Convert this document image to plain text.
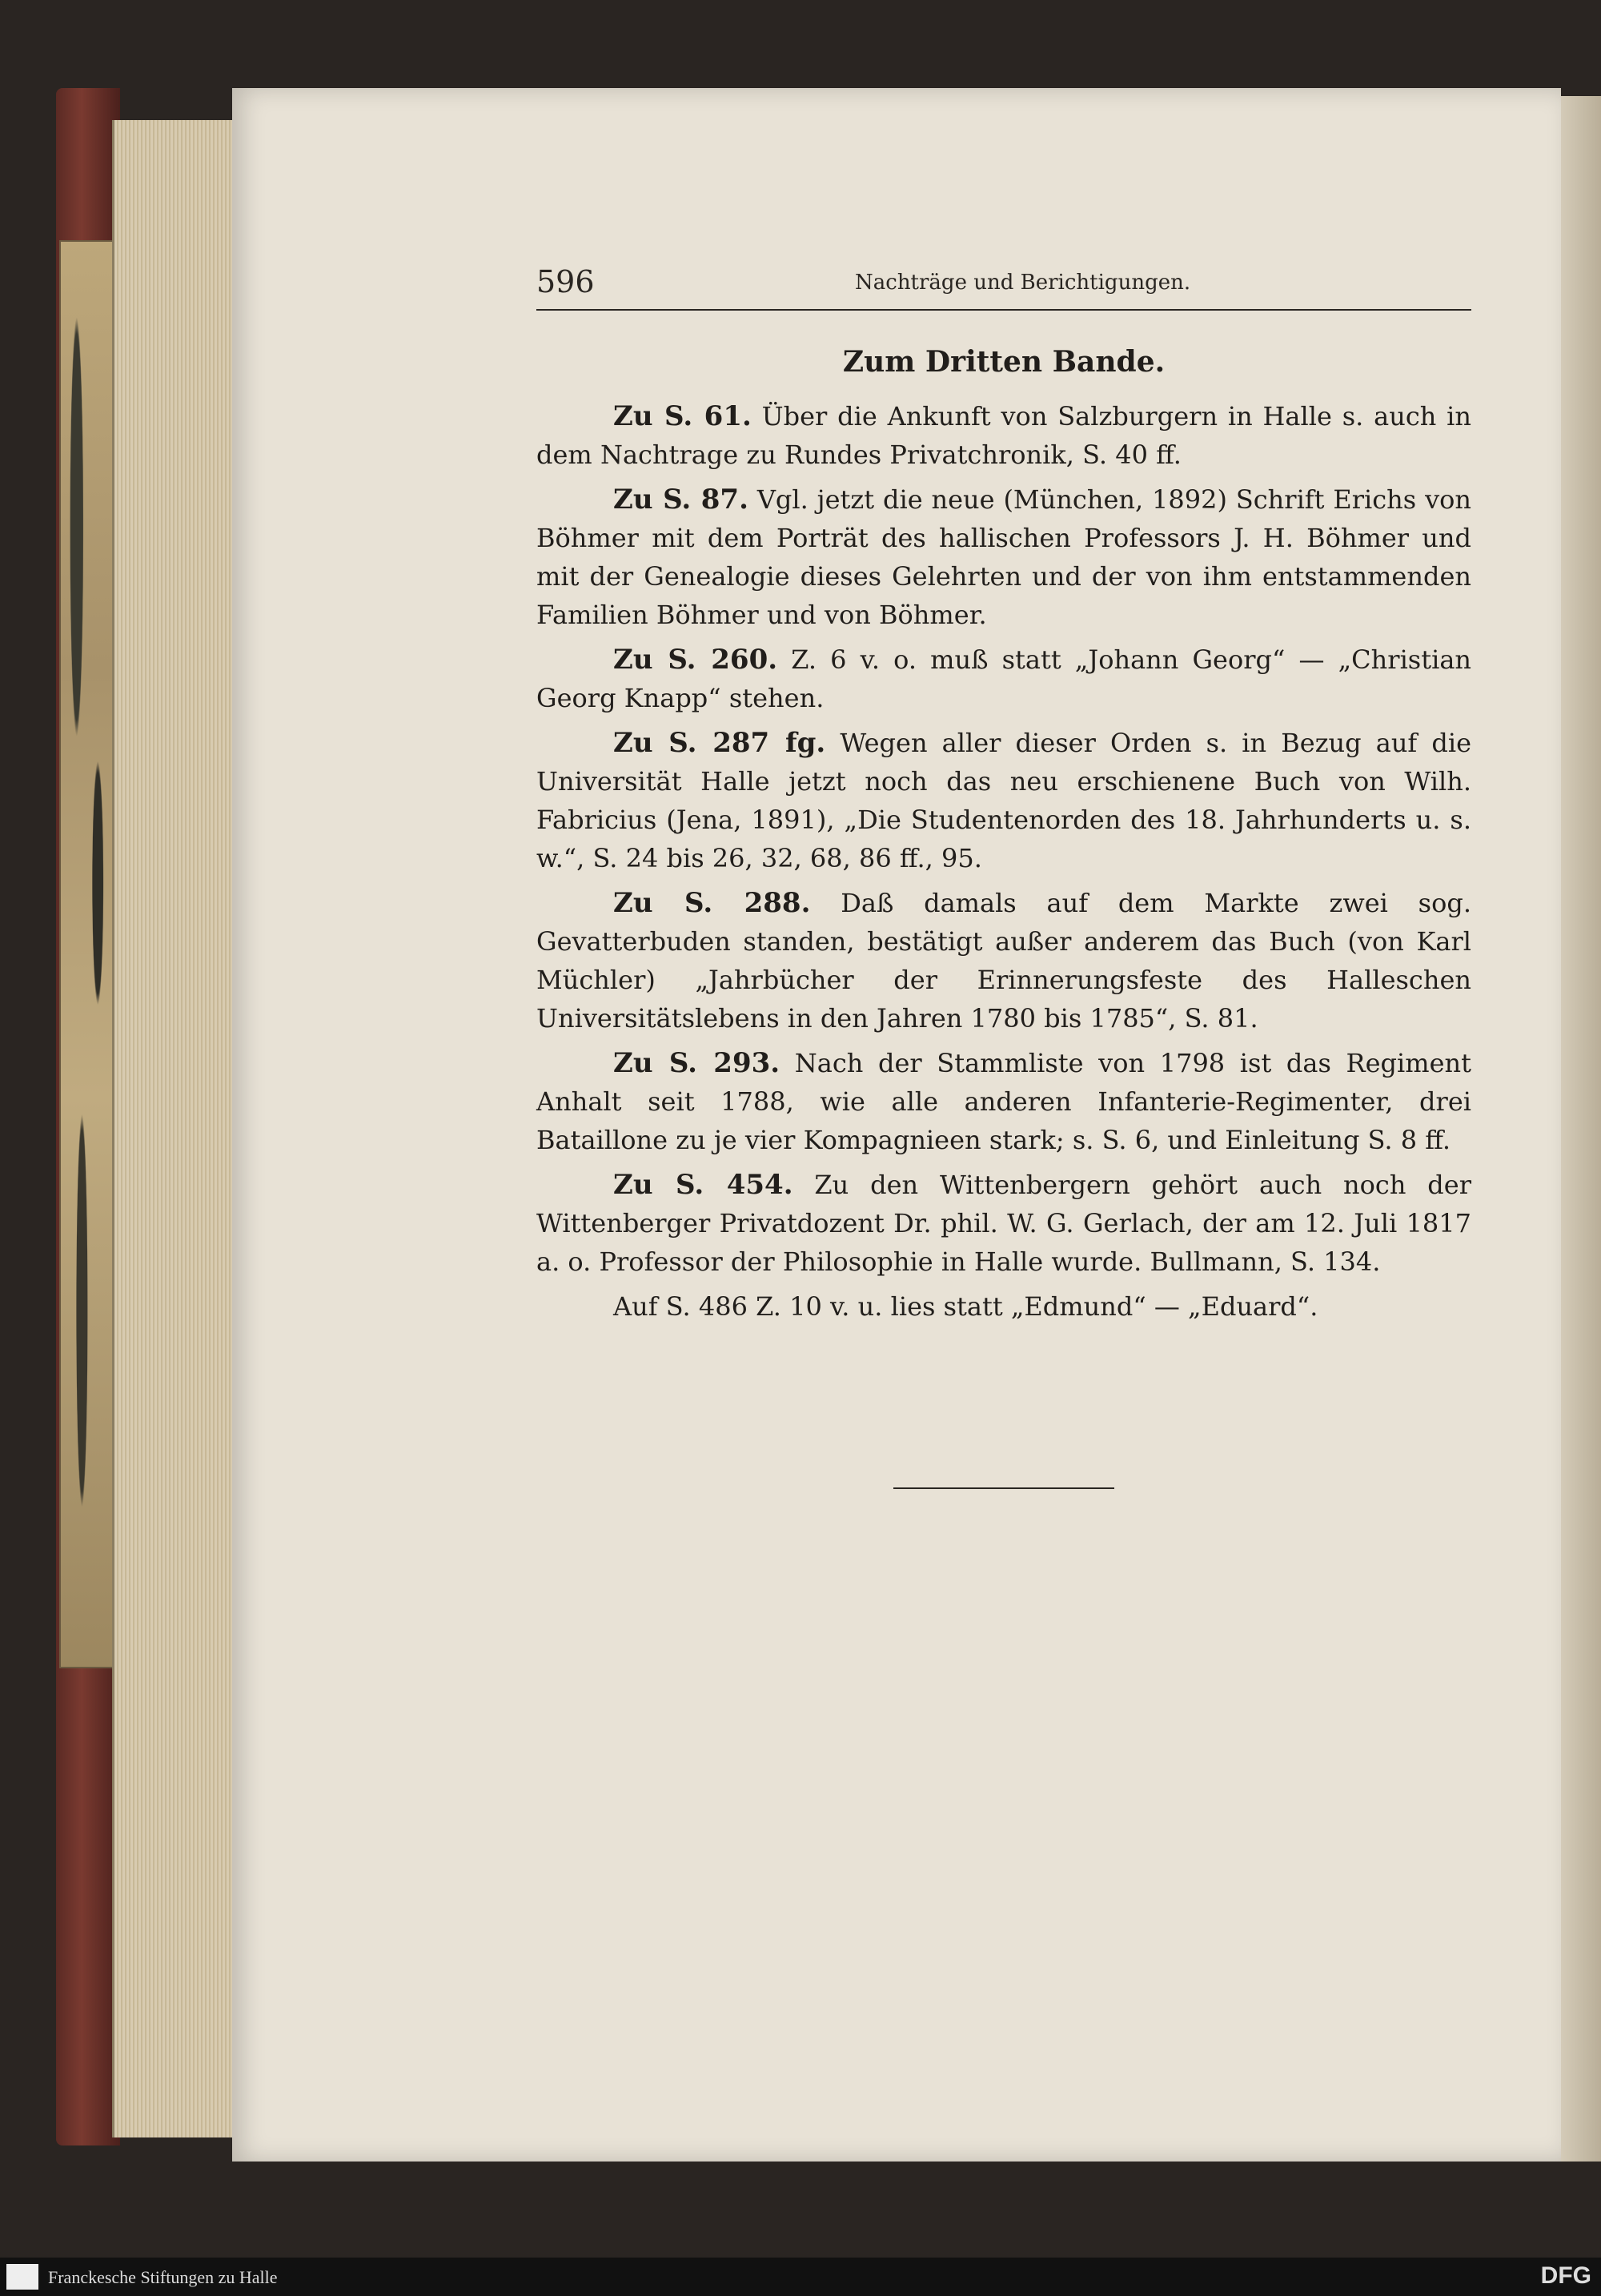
596	Nachträge und Berichtigungen.
Zum Dritten Bande.

Zu S. 61. Über die Ankunft von Salzburgern in Halle s. auch in dem Nachtrage zu Rundes Privatchronik, S. 40 ff.

Zu S. 87. Vgl. jetzt die neue (München, 1892) Schrift Erichs von Böhmer mit dem Porträt des hallischen Professors J. H. Böhmer und mit der Genealogie dieses Gelehrten und der von ihm entstammenden Familien Böhmer und von Böhmer.

Zu S. 260. Z. 6 v. o. muß statt „Johann Georg“ — „Christian Georg Knapp“ stehen.

Zu S. 287 fg. Wegen aller dieser Orden s. in Bezug auf die Universität Halle jetzt noch das neu erschienene Buch von Wilh. Fabricius (Jena, 1891), „Die Studentenorden des 18. Jahrhunderts u. s. w.“, S. 24 bis 26, 32, 68, 86 ff., 95.

Zu S. 288. Daß damals auf dem Markte zwei sog. Gevatterbuden standen, bestätigt außer anderem das Buch (von Karl Müchler) „Jahrbücher der Erinnerungsfeste des Halleschen Universitätslebens in den Jahren 1780 bis 1785“, S. 81.

Zu S. 293. Nach der Stammliste von 1798 ist das Regiment Anhalt seit 1788, wie alle anderen Infanterie-Regimenter, drei Bataillone zu je vier Kompagnieen stark; s. S. 6, und Einleitung S. 8 ff.

Zu S. 454. Zu den Wittenbergern gehört auch noch der Wittenberger Privatdozent Dr. phil. W. G. Gerlach, der am 12. Juli 1817 a. o. Professor der Philosophie in Halle wurde. Bullmann, S. 134.

Auf S. 486 Z. 10 v. u. lies statt „Edmund“ — „Eduard“.

Franckesche Stiftungen zu Halle	DFG
